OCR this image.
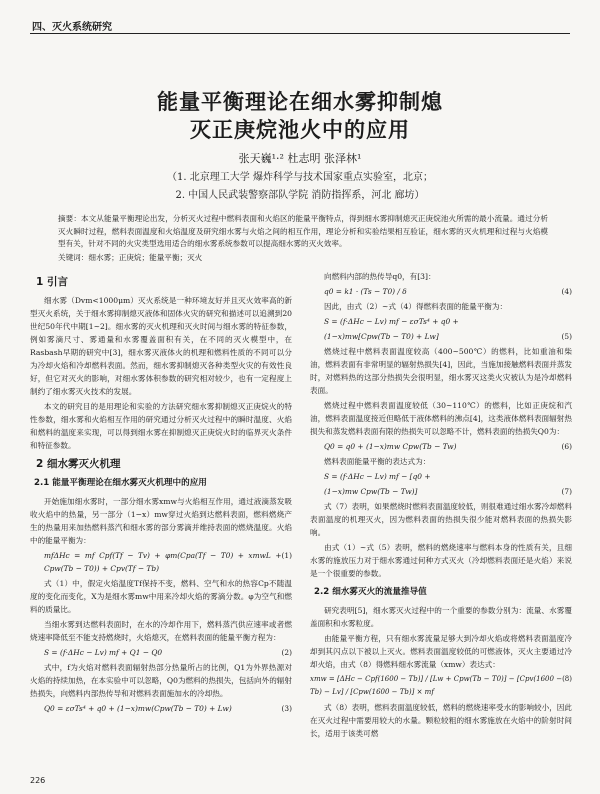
四、灭火系统研究
能量平衡理论在细水雾抑制熄
灭正庚烷池火中的应用
张天巍¹·² 杜志明 张泽林¹
（1. 北京理工大学 爆炸科学与技术国家重点实验室，北京；
2. 中国人民武装警察部队学院 消防指挥系，河北 廊坊）
摘要：本文从能量平衡理论出发，分析灭火过程中燃料表面和火焰区的能量平衡特点，得到细水雾抑制熄灭正庚烷池火所需的最小流量。通过分析灭火瞬时过程，燃料表面温度和火焰温度及研究细水雾与火焰之间的相互作用，理论分析和实验结果相互验证，细水雾的灭火机理和过程与火焰模型有关，针对不同的火灾类型选用适合的细水雾系统参数可以提高细水雾的灭火效率。
关键词：细水雾；正庚烷；能量平衡；灭火
1 引言

细水雾（Dvm<1000μm）灭火系统是一种环境友好并且灭火效率高的新型灭火系统，关于细水雾抑制熄灭液体和固体火灾的研究和描述可以追溯到20世纪50年代中期[1~2]。细水雾的灭火机理和灭火时间与细水雾的特征参数，例如雾滴尺寸、雾通量和水雾覆盖面积有关，在不同的灭火模型中，在Rasbash早期的研究中[3]，细水雾灭液体火的机理和燃料性质的不同可以分为冷却火焰和冷却燃料表面。然而，细水雾抑制熄灭各种类型火灾的有效性良好，但它对灭火的影响，对细水雾体积参数的研究相对较少，也有一定程度上制约了细水雾灭火技术的发展。

本文的研究目的是用理论和实验的方法研究细水雾抑制熄灭正庚烷火的特性参数，细水雾和火焰相互作用的研究通过分析灭火过程中的瞬时温度、火焰和燃料的温度来实现，可以得到细水雾在抑制熄灭正庚烷火时的临界灭火条件和特征参数。

2 细水雾灭火机理
2.1 能量平衡理论在细水雾灭火机理中的应用

开始施加细水雾时，一部分细水雾xmw与火焰相互作用，通过液滴蒸发吸收火焰中的热量，另一部分（1−x）mw穿过火焰到达燃料表面，燃料燃烧产生的热量用来加热燃料蒸汽和细水雾的部分雾滴并维持表面的燃烧温度。火焰中的能量平衡为：

mfΔHc = mf Cpf(Tf − Tv) + φm(Cpa(Tf − T0) + xmwL + Cpw(Tb − T0)) + Cpv(Tf − Tb)
(1)

式（1）中，假定火焰温度Tf保持不变，燃料、空气和水的热容Cp不随温度的变化而变化，X为是细水雾mw中用来冷却火焰的雾滴分数。φ为空气和燃料的质量比。

当细水雾到达燃料表面时，在水的冷却作用下，燃料蒸汽供应速率或者燃烧速率降低至不能支持燃烧时，火焰熄灭，在燃料表面的能量平衡方程为：

S = (f·ΔHc − Lv) mf + Q1 − Q0	(2)

式中，f为火焰对燃料表面辐射热部分热量所占的比例，Q1为外界热源对火焰的持续加热，在本实验中可以忽略，Q0为燃料的热损失，包括向外的辐射热损失，向燃料内部热传导和对燃料表面施加水的冷却热。

Q0 = εσTs⁴ + q0 + (1−x)mw(Cpw(Tb − T0) + Lw)	(3)

向燃料内部的热传导q0，有[3]：

q0 = k1 · (Ts − T0) / δ	(4)

因此，由式（2）~式（4）得燃料表面的能量平衡为：

S = (f·ΔHc − Lv) mf − εσTs⁴ + q0 +
(1−x)mw[Cpw(Tb − T0) + Lw]	(5)

燃烧过程中燃料表面温度较高（400~500℃）的燃料，比如重油和柴油，燃料表面有非常明显的辐射热损失[4]，因此，当施加接触燃料表面并蒸发时，对燃料热的这部分热损失会很明显，细水雾灭这类火灾被认为是冷却燃料表面。

燃烧过程中燃料表面温度较低（30~110℃）的燃料，比如正庚烷和汽油，燃料表面温度接近但略低于液体燃料的沸点[4]，这类液体燃料表面辐射热损失和蒸发燃料表面有限的热损失可以忽略不计，燃料表面的热损失Q0为：

Q0 = q0 + (1−x)mw Cpw(Tb − Tw)	(6)

燃料表面能量平衡的表达式为：

S = (f·ΔHc − Lv) mf − [q0 +
(1−x)mw Cpw(Tb − Tw)]	(7)

式（7）表明，如果燃烧时燃料表面温度较低，则很难通过细水雾冷却燃料表面温度的机理灭火，因为燃料表面的热损失很少能对燃料表面的热损失影响。

由式（1）~式（5）表明，燃料的燃烧速率与燃料本身的性质有关，且细水雾的施放压力对于细水雾通过何种方式灭火（冷却燃料表面还是火焰）来说是一个很重要的参数。

2.2 细水雾灭火的流量推导值

研究表明[5]，细水雾灭火过程中的一个重要的参数分别为：流量、水雾覆盖面积和水雾粒度。

由能量平衡方程，只有细水雾流量足够大到冷却火焰或将燃料表面温度冷却到其闪点以下被以上灭火。燃料表面温度较低的可燃液体，灭火主要通过冷却火焰，由式（8）得燃料细水雾流量（xmw）表达式：

xmw = [ΔHc − Cpf(1600 − Tb)] / [Lw + Cpw(Tb − T0)] − [Cpv(1600 − Tb) − Lv] / [Cpw(1600 − Tb)] × mf
(8)

式（8）表明，燃料表面温度较低，燃料的燃烧速率受水的影响较小，因此在灭火过程中需要用较大的水量。颗粒较粗的细水雾施放在火焰中的阶射时间长，适用于该类可燃

226
